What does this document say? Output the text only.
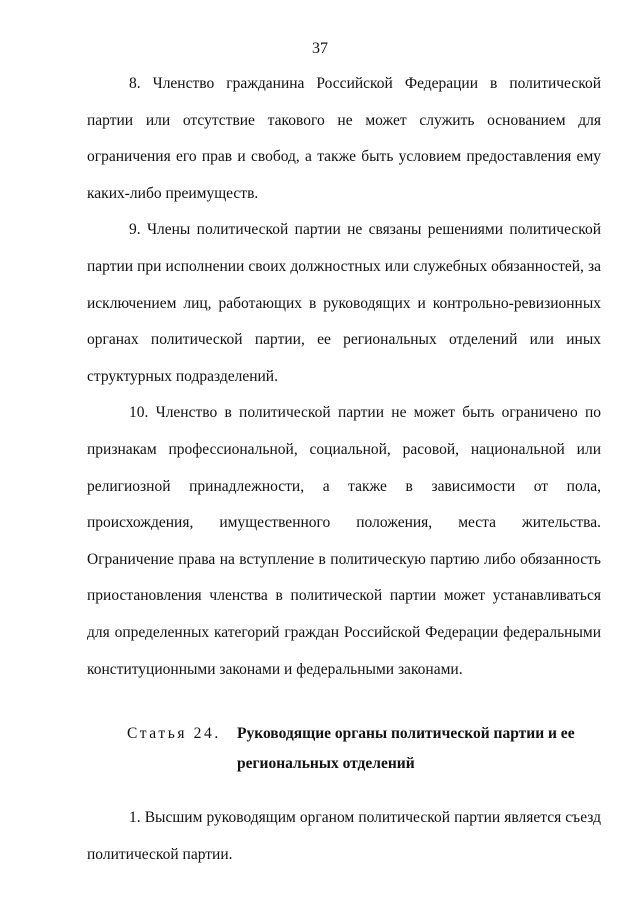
37

8. Членство гражданина Российской Федерации в политической партии или отсутствие такового не может служить основанием для ограничения его прав и свобод, а также быть условием предоставления ему каких-либо преимуществ.

9. Члены политической партии не связаны решениями политической партии при исполнении своих должностных или служебных обязанностей, за исключением лиц, работающих в руководящих и контрольно-ревизионных органах политической партии, ее региональных отделений или иных структурных подразделений.

10. Членство в политической партии не может быть ограничено по признакам профессиональной, социальной, расовой, национальной или религиозной принадлежности, а также в зависимости от пола, происхождения, имущественного положения, места жительства. Ограничение права на вступление в политическую партию либо обязанность приостановления членства в политической партии может устанавливаться для определенных категорий граждан Российской Федерации федеральными конституционными законами и федеральными законами.

Статья 24.	Руководящие органы политической партии и ее региональных отделений

1. Высшим руководящим органом политической партии является съезд политической партии.
